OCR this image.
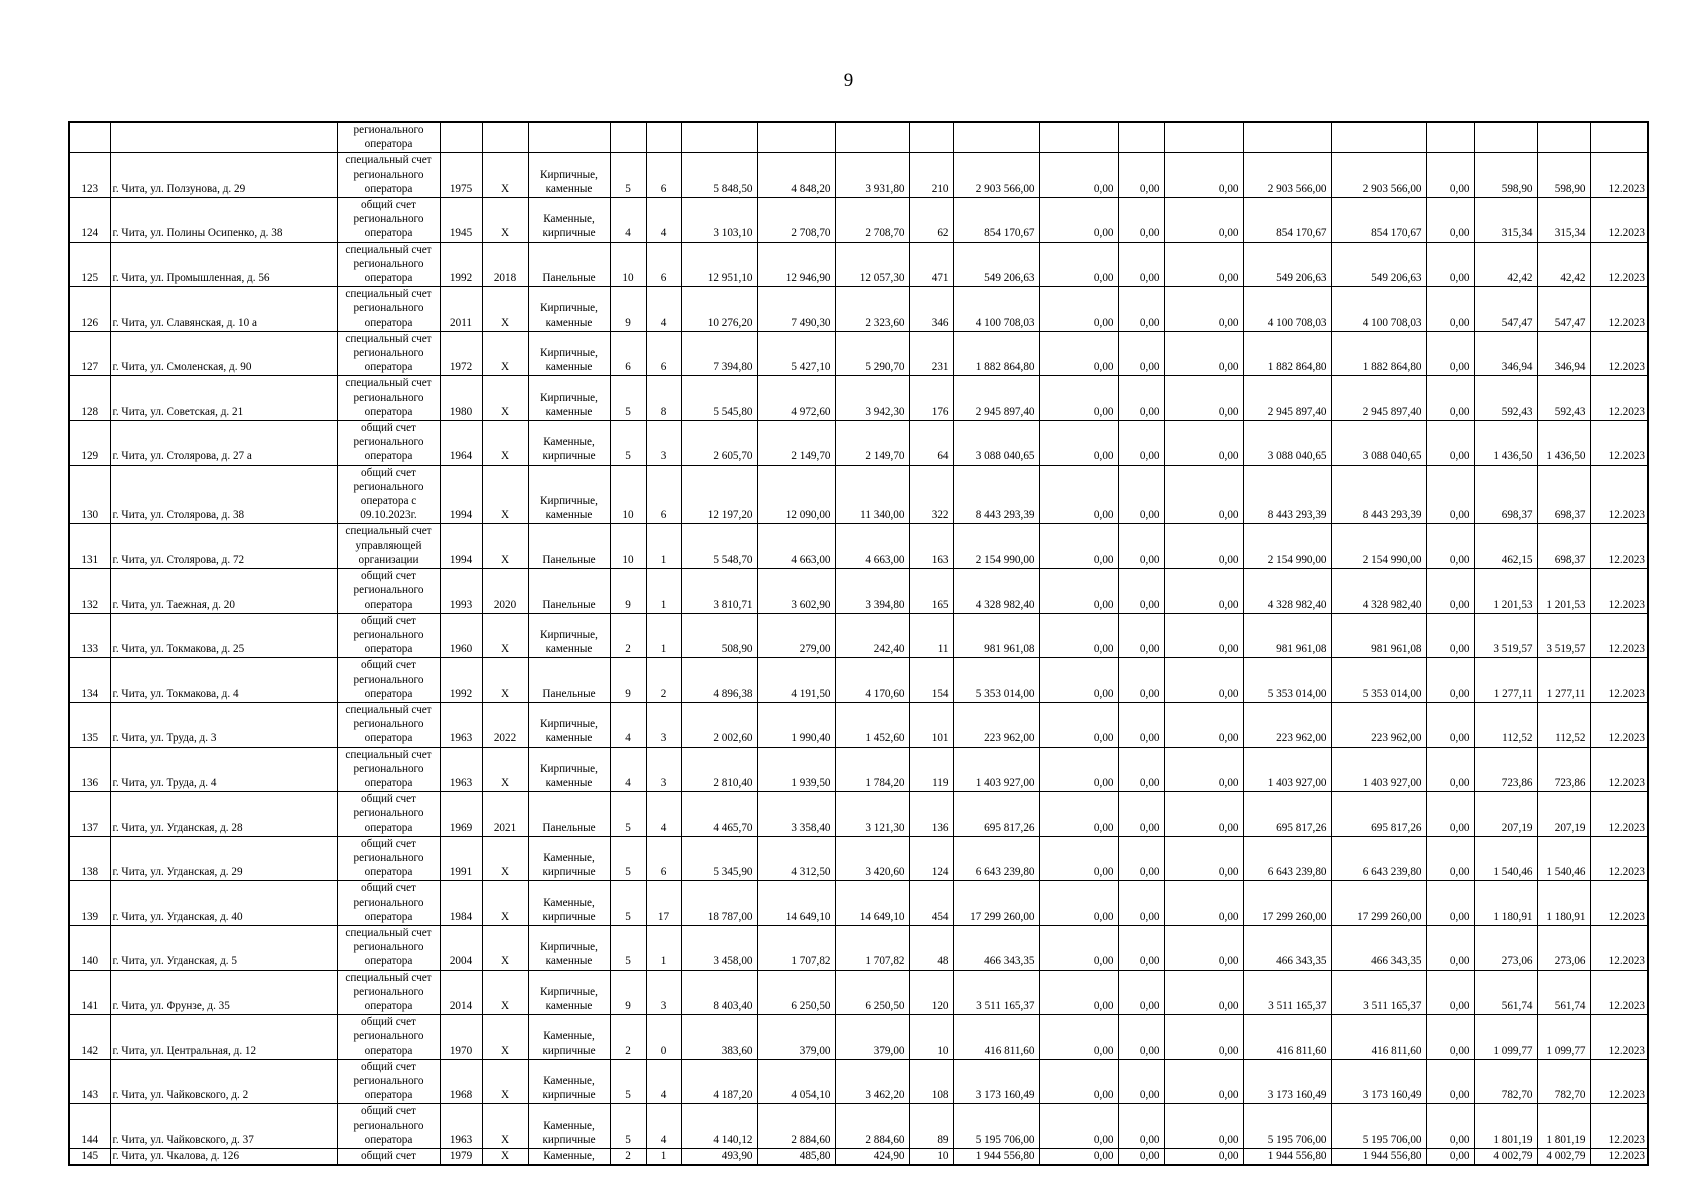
9
		регионального оператора																			
123	г. Чита, ул. Ползунова, д. 29	специальный счет регионального оператора	1975	X	Кирпичные, каменные	5	6	5 848,50	4 848,20	3 931,80	210	2 903 566,00	0,00	0,00	0,00	2 903 566,00	2 903 566,00	0,00	598,90	598,90	12.2023
124	г. Чита, ул. Полины Осипенко, д. 38	общий счет регионального оператора	1945	X	Каменные, кирпичные	4	4	3 103,10	2 708,70	2 708,70	62	854 170,67	0,00	0,00	0,00	854 170,67	854 170,67	0,00	315,34	315,34	12.2023
125	г. Чита, ул. Промышленная, д. 56	специальный счет регионального оператора	1992	2018	Панельные	10	6	12 951,10	12 946,90	12 057,30	471	549 206,63	0,00	0,00	0,00	549 206,63	549 206,63	0,00	42,42	42,42	12.2023
126	г. Чита, ул. Славянская, д. 10 а	специальный счет регионального оператора	2011	X	Кирпичные, каменные	9	4	10 276,20	7 490,30	2 323,60	346	4 100 708,03	0,00	0,00	0,00	4 100 708,03	4 100 708,03	0,00	547,47	547,47	12.2023
127	г. Чита, ул. Смоленская, д. 90	специальный счет регионального оператора	1972	X	Кирпичные, каменные	6	6	7 394,80	5 427,10	5 290,70	231	1 882 864,80	0,00	0,00	0,00	1 882 864,80	1 882 864,80	0,00	346,94	346,94	12.2023
128	г. Чита, ул. Советская, д. 21	специальный счет регионального оператора	1980	X	Кирпичные, каменные	5	8	5 545,80	4 972,60	3 942,30	176	2 945 897,40	0,00	0,00	0,00	2 945 897,40	2 945 897,40	0,00	592,43	592,43	12.2023
129	г. Чита, ул. Столярова, д. 27 а	общий счет регионального оператора	1964	X	Каменные, кирпичные	5	3	2 605,70	2 149,70	2 149,70	64	3 088 040,65	0,00	0,00	0,00	3 088 040,65	3 088 040,65	0,00	1 436,50	1 436,50	12.2023
130	г. Чита, ул. Столярова, д. 38	общий счет регионального оператора с 09.10.2023г.	1994	X	Кирпичные, каменные	10	6	12 197,20	12 090,00	11 340,00	322	8 443 293,39	0,00	0,00	0,00	8 443 293,39	8 443 293,39	0,00	698,37	698,37	12.2023
131	г. Чита, ул. Столярова, д. 72	специальный счет управляющей организации	1994	X	Панельные	10	1	5 548,70	4 663,00	4 663,00	163	2 154 990,00	0,00	0,00	0,00	2 154 990,00	2 154 990,00	0,00	462,15	698,37	12.2023
132	г. Чита, ул. Таежная, д. 20	общий счет регионального оператора	1993	2020	Панельные	9	1	3 810,71	3 602,90	3 394,80	165	4 328 982,40	0,00	0,00	0,00	4 328 982,40	4 328 982,40	0,00	1 201,53	1 201,53	12.2023
133	г. Чита, ул. Токмакова, д. 25	общий счет регионального оператора	1960	X	Кирпичные, каменные	2	1	508,90	279,00	242,40	11	981 961,08	0,00	0,00	0,00	981 961,08	981 961,08	0,00	3 519,57	3 519,57	12.2023
134	г. Чита, ул. Токмакова, д. 4	общий счет регионального оператора	1992	X	Панельные	9	2	4 896,38	4 191,50	4 170,60	154	5 353 014,00	0,00	0,00	0,00	5 353 014,00	5 353 014,00	0,00	1 277,11	1 277,11	12.2023
135	г. Чита, ул. Труда, д. 3	специальный счет регионального оператора	1963	2022	Кирпичные, каменные	4	3	2 002,60	1 990,40	1 452,60	101	223 962,00	0,00	0,00	0,00	223 962,00	223 962,00	0,00	112,52	112,52	12.2023
136	г. Чита, ул. Труда, д. 4	специальный счет регионального оператора	1963	X	Кирпичные, каменные	4	3	2 810,40	1 939,50	1 784,20	119	1 403 927,00	0,00	0,00	0,00	1 403 927,00	1 403 927,00	0,00	723,86	723,86	12.2023
137	г. Чита, ул. Угданская, д. 28	общий счет регионального оператора	1969	2021	Панельные	5	4	4 465,70	3 358,40	3 121,30	136	695 817,26	0,00	0,00	0,00	695 817,26	695 817,26	0,00	207,19	207,19	12.2023
138	г. Чита, ул. Угданская, д. 29	общий счет регионального оператора	1991	X	Каменные, кирпичные	5	6	5 345,90	4 312,50	3 420,60	124	6 643 239,80	0,00	0,00	0,00	6 643 239,80	6 643 239,80	0,00	1 540,46	1 540,46	12.2023
139	г. Чита, ул. Угданская, д. 40	общий счет регионального оператора	1984	X	Каменные, кирпичные	5	17	18 787,00	14 649,10	14 649,10	454	17 299 260,00	0,00	0,00	0,00	17 299 260,00	17 299 260,00	0,00	1 180,91	1 180,91	12.2023
140	г. Чита, ул. Угданская, д. 5	специальный счет регионального оператора	2004	X	Кирпичные, каменные	5	1	3 458,00	1 707,82	1 707,82	48	466 343,35	0,00	0,00	0,00	466 343,35	466 343,35	0,00	273,06	273,06	12.2023
141	г. Чита, ул. Фрунзе, д. 35	специальный счет регионального оператора	2014	X	Кирпичные, каменные	9	3	8 403,40	6 250,50	6 250,50	120	3 511 165,37	0,00	0,00	0,00	3 511 165,37	3 511 165,37	0,00	561,74	561,74	12.2023
142	г. Чита, ул. Центральная, д. 12	общий счет регионального оператора	1970	X	Каменные, кирпичные	2	0	383,60	379,00	379,00	10	416 811,60	0,00	0,00	0,00	416 811,60	416 811,60	0,00	1 099,77	1 099,77	12.2023
143	г. Чита, ул. Чайковского, д. 2	общий счет регионального оператора	1968	X	Каменные, кирпичные	5	4	4 187,20	4 054,10	3 462,20	108	3 173 160,49	0,00	0,00	0,00	3 173 160,49	3 173 160,49	0,00	782,70	782,70	12.2023
144	г. Чита, ул. Чайковского, д. 37	общий счет регионального оператора	1963	X	Каменные, кирпичные	5	4	4 140,12	2 884,60	2 884,60	89	5 195 706,00	0,00	0,00	0,00	5 195 706,00	5 195 706,00	0,00	1 801,19	1 801,19	12.2023
145	г. Чита, ул. Чкалова, д. 126	общий счет	1979	X	Каменные,	2	1	493,90	485,80	424,90	10	1 944 556,80	0,00	0,00	0,00	1 944 556,80	1 944 556,80	0,00	4 002,79	4 002,79	12.2023
